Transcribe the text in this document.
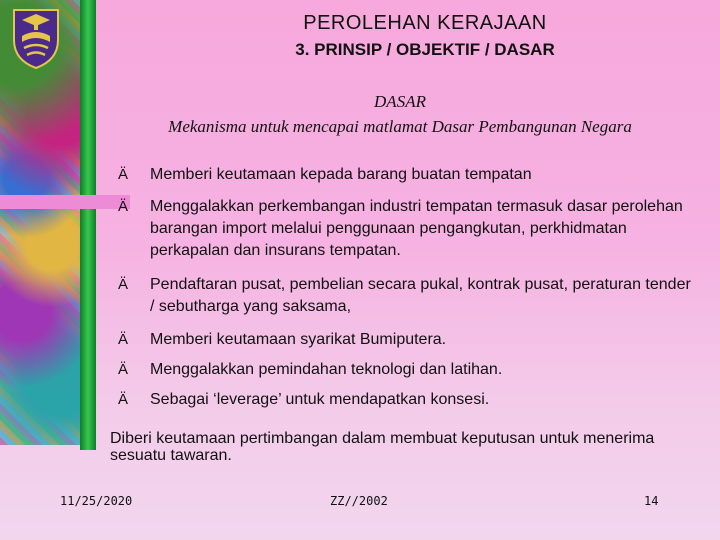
PEROLEHAN KERAJAAN
3. PRINSIP / OBJEKTIF / DASAR
DASAR
Mekanisma untuk mencapai matlamat Dasar Pembangunan Negara
Ä	Memberi keutamaan kepada barang buatan tempatan
Ä	Menggalakkan perkembangan industri tempatan termasuk dasar perolehan barangan import melalui penggunaan pengangkutan, perkhidmatan perkapalan dan insurans tempatan.
Ä	Pendaftaran pusat, pembelian secara pukal, kontrak pusat, peraturan tender / sebutharga yang saksama,
Ä	Memberi keutamaan syarikat Bumiputera.
Ä	Menggalakkan pemindahan teknologi dan latihan.
Ä	Sebagai ‘leverage’ untuk mendapatkan konsesi.
Diberi keutamaan pertimbangan dalam membuat keputusan untuk menerima sesuatu tawaran.
11/25/2020	ZZ//2002	14
